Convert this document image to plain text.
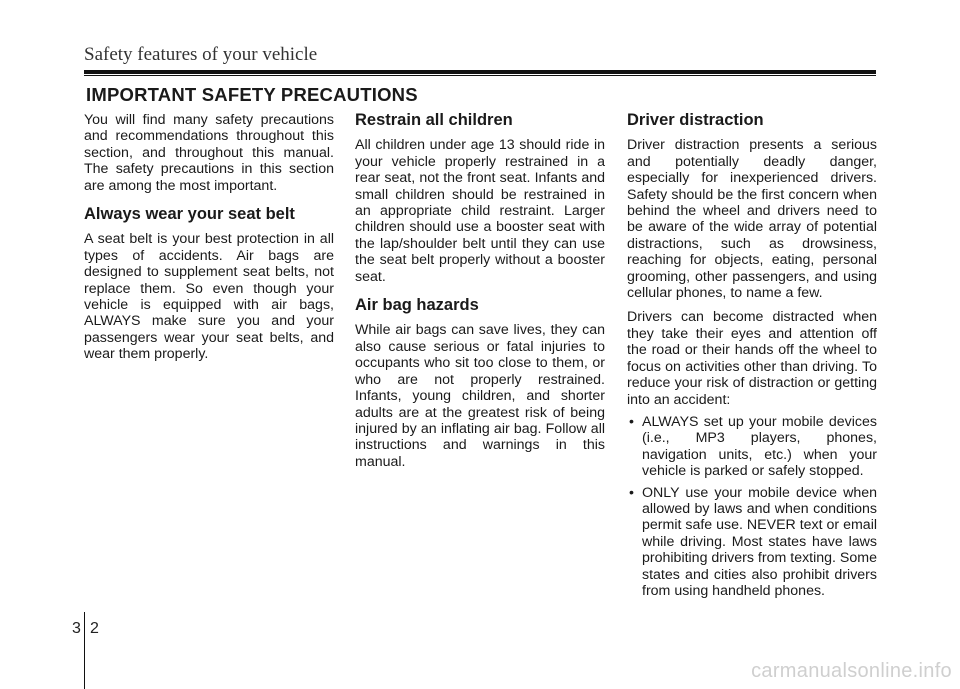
Safety features of your vehicle
IMPORTANT SAFETY PRECAUTIONS

You will find many safety precautions and recommendations throughout this section, and throughout this manual. The safety precautions in this section are among the most important.

Always wear your seat belt

A seat belt is your best protection in all types of accidents. Air bags are designed to supplement seat belts, not replace them. So even though your vehicle is equipped with air bags, ALWAYS make sure you and your passengers wear your seat belts, and wear them properly.

Restrain all children

All children under age 13 should ride in your vehicle properly restrained in a rear seat, not the front seat. Infants and small children should be restrained in an appropriate child restraint. Larger children should use a booster seat with the lap/shoulder belt until they can use the seat belt properly without a booster seat.

Air bag hazards

While air bags can save lives, they can also cause serious or fatal injuries to occupants who sit too close to them, or who are not properly restrained. Infants, young children, and shorter adults are at the greatest risk of being injured by an inflating air bag. Follow all instructions and warnings in this manual.

Driver distraction

Driver distraction presents a serious and potentially deadly danger, especially for inexperienced drivers. Safety should be the first concern when behind the wheel and drivers need to be aware of the wide array of potential distractions, such as drowsiness, reaching for objects, eating, personal grooming, other passengers, and using cellular phones, to name a few.

Drivers can become distracted when they take their eyes and attention off the road or their hands off the wheel to focus on activities other than driving. To reduce your risk of distraction or getting into an accident:

• ALWAYS set up your mobile devices (i.e., MP3 players, phones, navigation units, etc.) when your vehicle is parked or safely stopped.
• ONLY use your mobile device when allowed by laws and when conditions permit safe use. NEVER text or email while driving. Most states have laws prohibiting drivers from texting. Some states and cities also prohibit drivers from using handheld phones.
3 2
carmanualsonline.info
